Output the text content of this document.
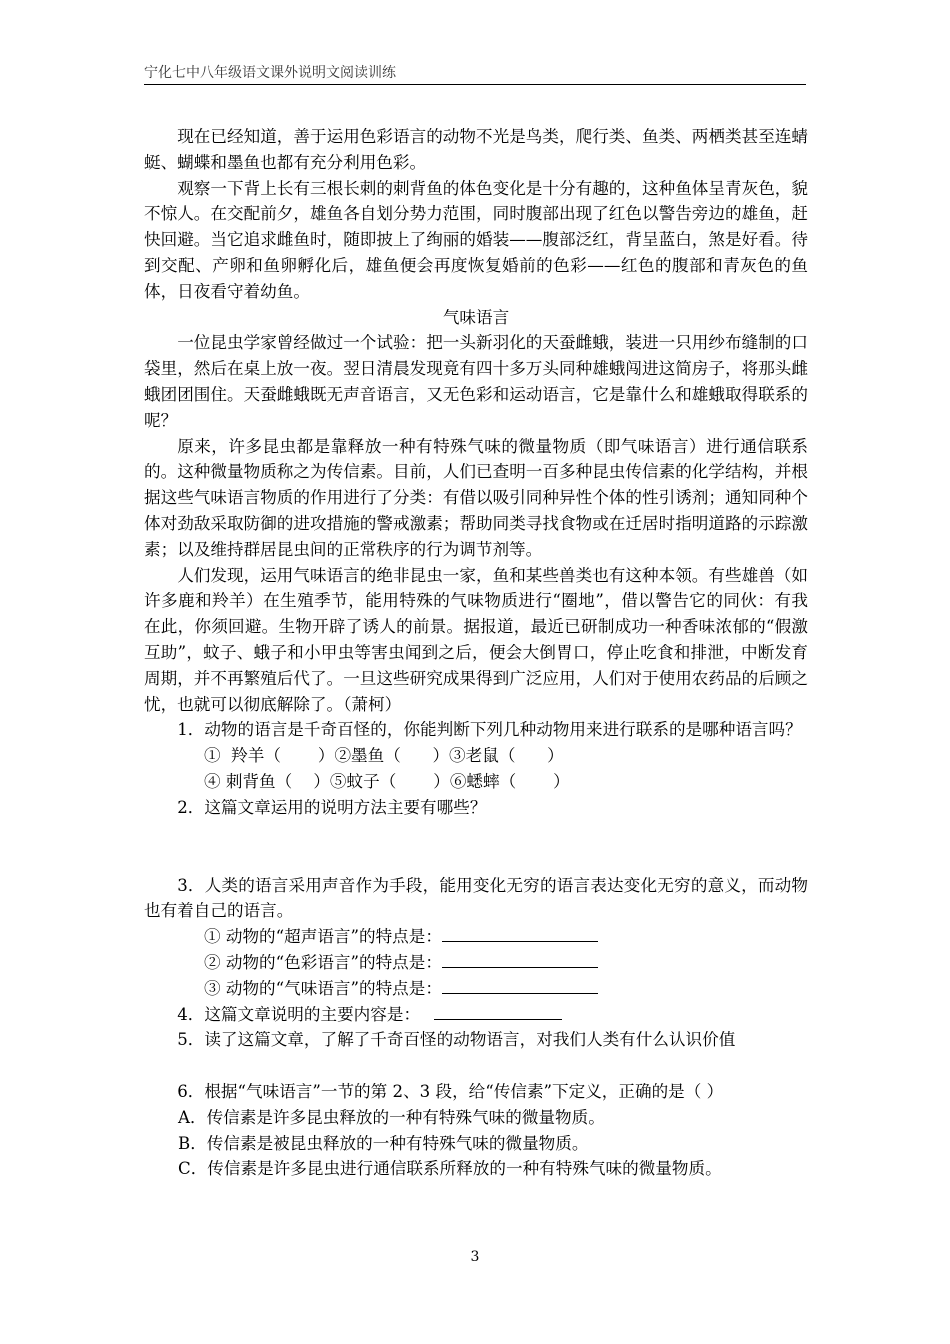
宁化七中八年级语文课外说明文阅读训练

现在已经知道，善于运用色彩语言的动物不光是鸟类，爬行类、鱼类、两栖类甚至连蜻蜓、蝴蝶和墨鱼也都有充分利用色彩。

观察一下背上长有三根长刺的刺背鱼的体色变化是十分有趣的，这种鱼体呈青灰色，貌不惊人。在交配前夕，雄鱼各自划分势力范围，同时腹部出现了红色以警告旁边的雄鱼，赶快回避。当它追求雌鱼时，随即披上了绚丽的婚装——腹部泛红，背呈蓝白，煞是好看。待到交配、产卵和鱼卵孵化后，雄鱼便会再度恢复婚前的色彩——红色的腹部和青灰色的鱼体，日夜看守着幼鱼。

气味语言

一位昆虫学家曾经做过一个试验：把一头新羽化的天蚕雌蛾，装进一只用纱布缝制的口袋里，然后在桌上放一夜。翌日清晨发现竟有四十多万头同种雄蛾闯进这简房子，将那头雌蛾团团围住。天蚕雌蛾既无声音语言，又无色彩和运动语言，它是靠什么和雄蛾取得联系的呢？

原来，许多昆虫都是靠释放一种有特殊气味的微量物质（即气味语言）进行通信联系的。这种微量物质称之为传信素。目前，人们已查明一百多种昆虫传信素的化学结构，并根据这些气味语言物质的作用进行了分类：有借以吸引同种异性个体的性引诱剂；通知同种个体对劲敌采取防御的进攻措施的警戒激素；帮助同类寻找食物或在迁居时指明道路的示踪激素；以及维持群居昆虫间的正常秩序的行为调节剂等。

人们发现，运用气味语言的绝非昆虫一家，鱼和某些兽类也有这种本领。有些雄兽（如许多鹿和羚羊）在生殖季节，能用特殊的气味物质进行“圈地”，借以警告它的同伙：有我在此，你须回避。生物开辟了诱人的前景。据报道，最近已研制成功一种香味浓郁的“假激互助”，蚊子、蛾子和小甲虫等害虫闻到之后，便会大倒胃口，停止吃食和排泄，中断发育周期，并不再繁殖后代了。一旦这些研究成果得到广泛应用，人们对于使用农药品的后顾之忧，也就可以彻底解除了。（萧柯）

1．动物的语言是千奇百怪的，你能判断下列几种动物用来进行联系的是哪种语言吗？

①  羚羊（       ）②墨鱼（      ）③老鼠（      ）

④ 刺背鱼（    ）⑤蚊子（       ）⑥蟋蟀（       ）

2．这篇文章运用的说明方法主要有哪些？

3．人类的语言采用声音作为手段，能用变化无穷的语言表达变化无穷的意义，而动物也有着自己的语言。

① 动物的“超声语言”的特点是：

② 动物的“色彩语言”的特点是：

③ 动物的“气味语言”的特点是：

4．这篇文章说明的主要内容是：

5．读了这篇文章，了解了千奇百怪的动物语言，对我们人类有什么认识价值

6．根据“气味语言”一节的第 2、3 段，给“传信素”下定义，正确的是（ ）

A．传信素是许多昆虫释放的一种有特殊气味的微量物质。

B．传信素是被昆虫释放的一种有特殊气味的微量物质。

C．传信素是许多昆虫进行通信联系所释放的一种有特殊气味的微量物质。

3
